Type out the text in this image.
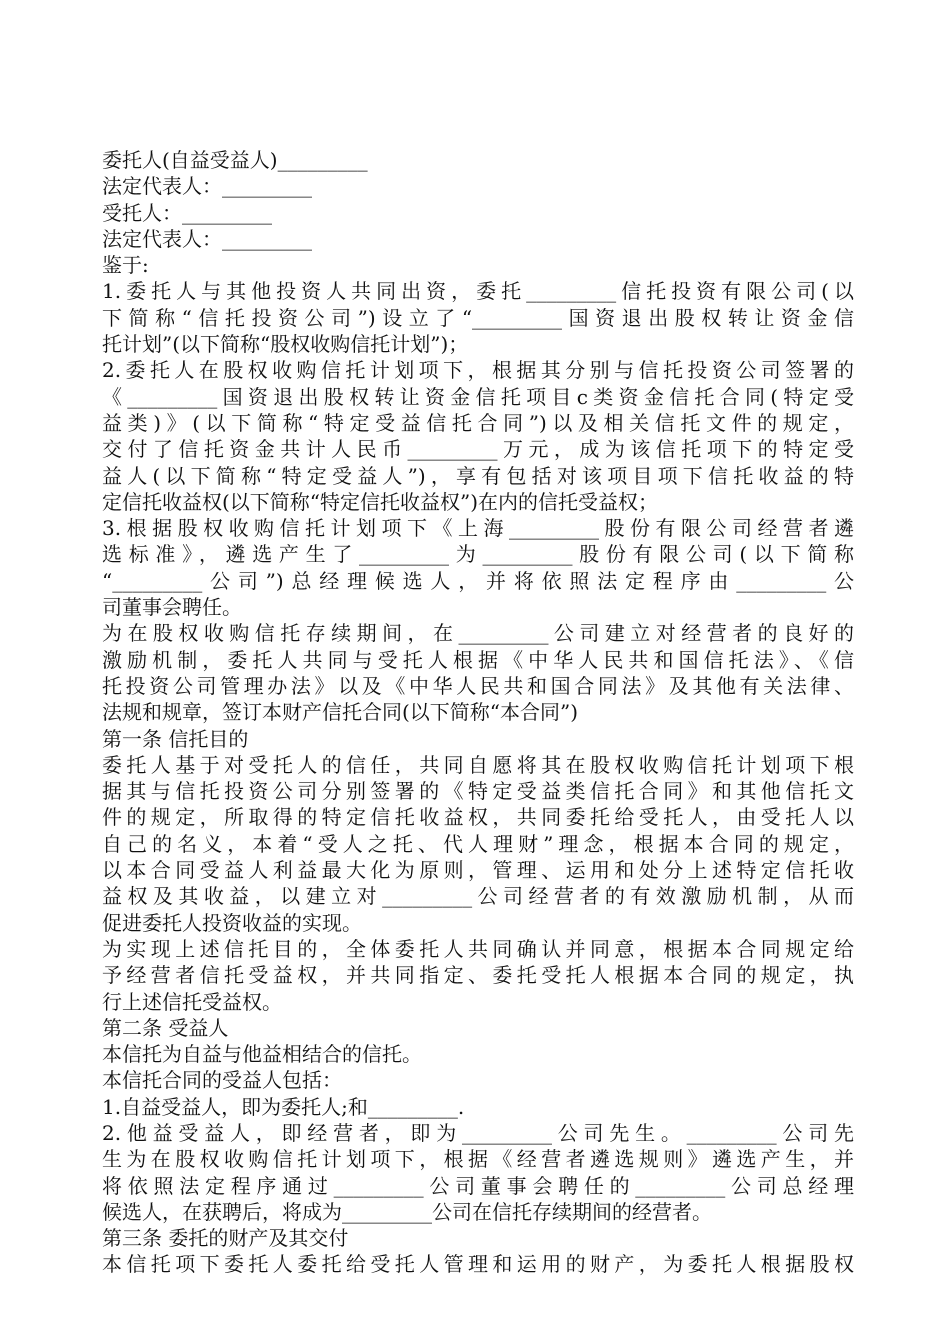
委托人(自益受益人)_________
法定代表人：_________
受托人：_________
法定代表人：_________
鉴于:
1.委托人与其他投资人共同出资，委托_________信托投资有限公司(以
下简称“信托投资公司”)设立了“_________国资退出股权转让资金信
托计划”(以下简称“股权收购信托计划”)；
2.委托人在股权收购信托计划项下，根据其分别与信托投资公司签署的
《_________国资退出股权转让资金信托项目c类资金信托合同(特定受
益类)》(以下简称“特定受益信托合同”)以及相关信托文件的规定，
交付了信托资金共计人民币_________万元，成为该信托项下的特定受
益人(以下简称“特定受益人”)，享有包括对该项目项下信托收益的特
定信托收益权(以下简称“特定信托收益权”)在内的信托受益权；
3.根据股权收购信托计划项下《上海_________股份有限公司经营者遴
选标准》，遴选产生了_________为_________股份有限公司(以下简称
“_________公司”)总经理候选人，并将依照法定程序由_________公
司董事会聘任。
为在股权收购信托存续期间，在_________公司建立对经营者的良好的
激励机制，委托人共同与受托人根据《中华人民共和国信托法》、《信
托投资公司管理办法》以及《中华人民共和国合同法》及其他有关法律、
法规和规章，签订本财产信托合同(以下简称“本合同”)
第一条 信托目的
委托人基于对受托人的信任，共同自愿将其在股权收购信托计划项下根
据其与信托投资公司分别签署的《特定受益类信托合同》和其他信托文
件的规定，所取得的特定信托收益权，共同委托给受托人，由受托人以
自己的名义，本着“受人之托、代人理财”理念，根据本合同的规定，
以本合同受益人利益最大化为原则，管理、运用和处分上述特定信托收
益权及其收益，以建立对_________公司经营者的有效激励机制，从而
促进委托人投资收益的实现。
为实现上述信托目的，全体委托人共同确认并同意，根据本合同规定给
予经营者信托受益权，并共同指定、委托受托人根据本合同的规定，执
行上述信托受益权。
第二条 受益人
本信托为自益与他益相结合的信托。
本信托合同的受益人包括：
1.自益受益人，即为委托人;和_________.
2.他益受益人，即经营者，即为_________公司先生。_________公司先
生为在股权收购信托计划项下，根据《经营者遴选规则》遴选产生，并
将依照法定程序通过_________公司董事会聘任的_________公司总经理
候选人，在获聘后，将成为_________公司在信托存续期间的经营者。
第三条 委托的财产及其交付
本信托项下委托人委托给受托人管理和运用的财产，为委托人根据股权
